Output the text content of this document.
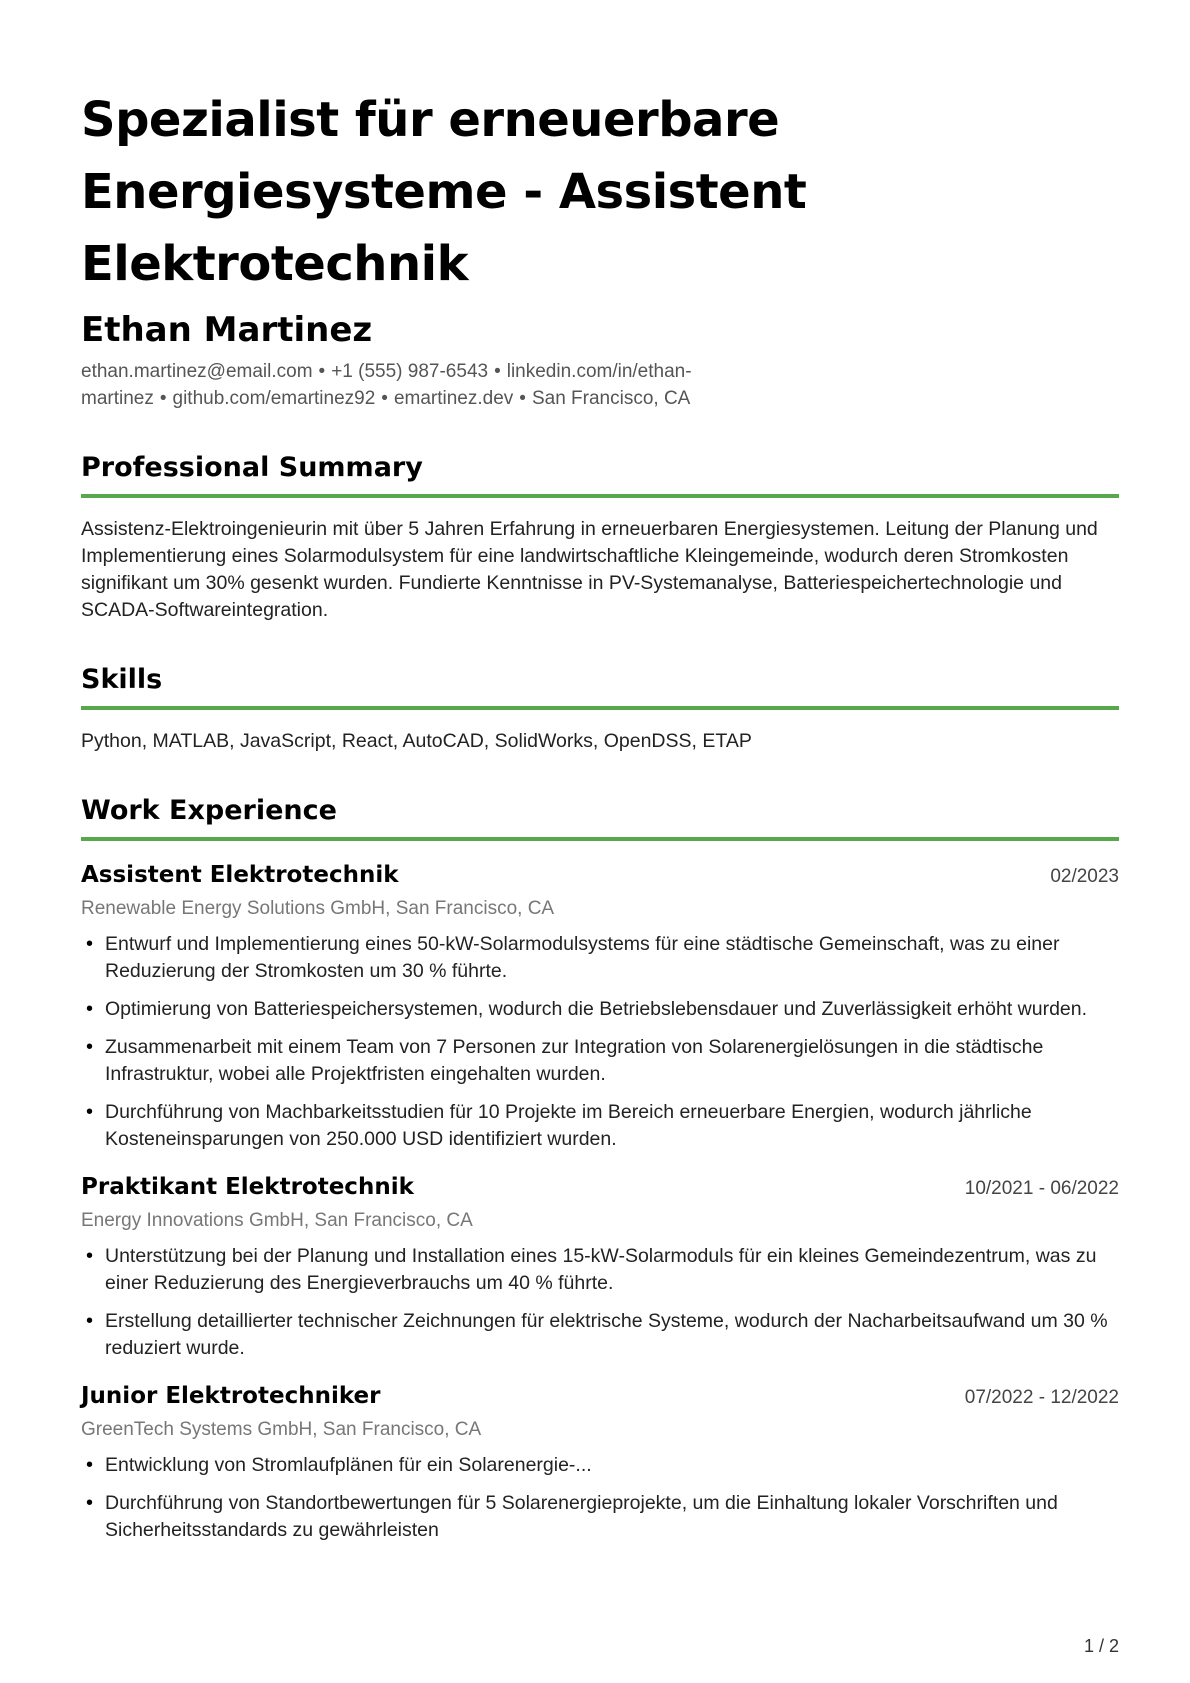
Spezialist für erneuerbare Energiesysteme - Assistent Elektrotechnik
Ethan Martinez
ethan.martinez@email.com • +1 (555) 987-6543 • linkedin.com/in/ethan-martinez • github.com/emartinez92 • emartinez.dev • San Francisco, CA
Professional Summary

Assistenz-Elektroingenieurin mit über 5 Jahren Erfahrung in erneuerbaren Energiesystemen. Leitung der Planung und Implementierung eines Solarmodulsystem für eine landwirtschaftliche Kleingemeinde, wodurch deren Stromkosten signifikant um 30% gesenkt wurden. Fundierte Kenntnisse in PV-Systemanalyse, Batteriespeichertechnologie und SCADA-Softwareintegration.

Skills

Python, MATLAB, JavaScript, React, AutoCAD, SolidWorks, OpenDSS, ETAP

Work Experience
Assistent Elektrotechnik	02/2023
Renewable Energy Solutions GmbH, San Francisco, CA
• Entwurf und Implementierung eines 50-kW-Solarmodulsystems für eine städtische Gemeinschaft, was zu einer Reduzierung der Stromkosten um 30 % führte.
• Optimierung von Batteriespeichersystemen, wodurch die Betriebslebensdauer und Zuverlässigkeit erhöht wurden.
• Zusammenarbeit mit einem Team von 7 Personen zur Integration von Solarenergielösungen in die städtische Infrastruktur, wobei alle Projektfristen eingehalten wurden.
• Durchführung von Machbarkeitsstudien für 10 Projekte im Bereich erneuerbare Energien, wodurch jährliche Kosteneinsparungen von 250.000 USD identifiziert wurden.
Praktikant Elektrotechnik	10/2021 - 06/2022
Energy Innovations GmbH, San Francisco, CA
• Unterstützung bei der Planung und Installation eines 15-kW-Solarmoduls für ein kleines Gemeindezentrum, was zu einer Reduzierung des Energieverbrauchs um 40 % führte.
• Erstellung detaillierter technischer Zeichnungen für elektrische Systeme, wodurch der Nacharbeitsaufwand um 30 % reduziert wurde.
Junior Elektrotechniker	07/2022 - 12/2022
GreenTech Systems GmbH, San Francisco, CA
• Entwicklung von Stromlaufplänen für ein Solarenergie-...
• Durchführung von Standortbewertungen für 5 Solarenergieprojekte, um die Einhaltung lokaler Vorschriften und Sicherheitsstandards zu gewährleisten
1 / 2
